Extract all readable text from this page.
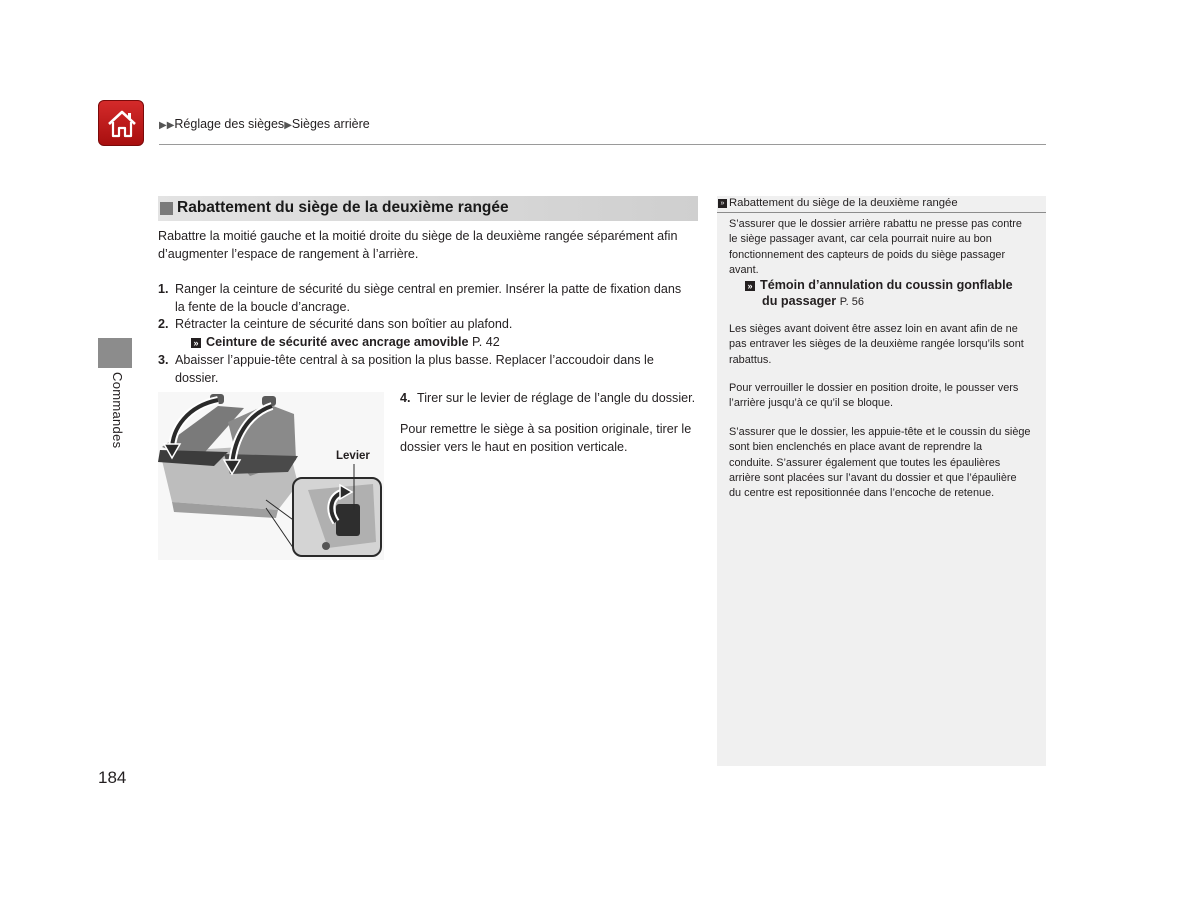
▶▶Réglage des sièges▶Sièges arrière
Commandes
184
Rabattement du siège de la deuxième rangée
Rabattre la moitié gauche et la moitié droite du siège de la deuxième rangée séparément afin
d’augmenter l’espace de rangement à l’arrière.
1. Ranger la ceinture de sécurité du siège central en premier. Insérer la patte de fixation dans
la fente de la boucle d’ancrage.
2. Rétracter la ceinture de sécurité dans son boîtier au plafond.
» Ceinture de sécurité avec ancrage amovible P. 42
3. Abaisser l’appuie-tête central à sa position la plus basse. Replacer l’accoudoir dans le
dossier.
Levier
4. Tirer sur le levier de réglage de l’angle du dossier.
Pour remettre le siège à sa position originale, tirer le
dossier vers le haut en position verticale.
» Rabattement du siège de la deuxième rangée
S’assurer que le dossier arrière rabattu ne presse pas contre
le siège passager avant, car cela pourrait nuire au bon
fonctionnement des capteurs de poids du siège passager
avant.
» Témoin d’annulation du coussin gonflable
du passager P. 56
Les sièges avant doivent être assez loin en avant afin de ne
pas entraver les sièges de la deuxième rangée lorsqu’ils sont
rabattus.
Pour verrouiller le dossier en position droite, le pousser vers
l’arrière jusqu’à ce qu’il se bloque.
S’assurer que le dossier, les appuie-tête et le coussin du siège
sont bien enclenchés en place avant de reprendre la
conduite. S’assurer également que toutes les épaulières
arrière sont placées sur l’avant du dossier et que l’épaulière
du centre est repositionnée dans l’encoche de retenue.
